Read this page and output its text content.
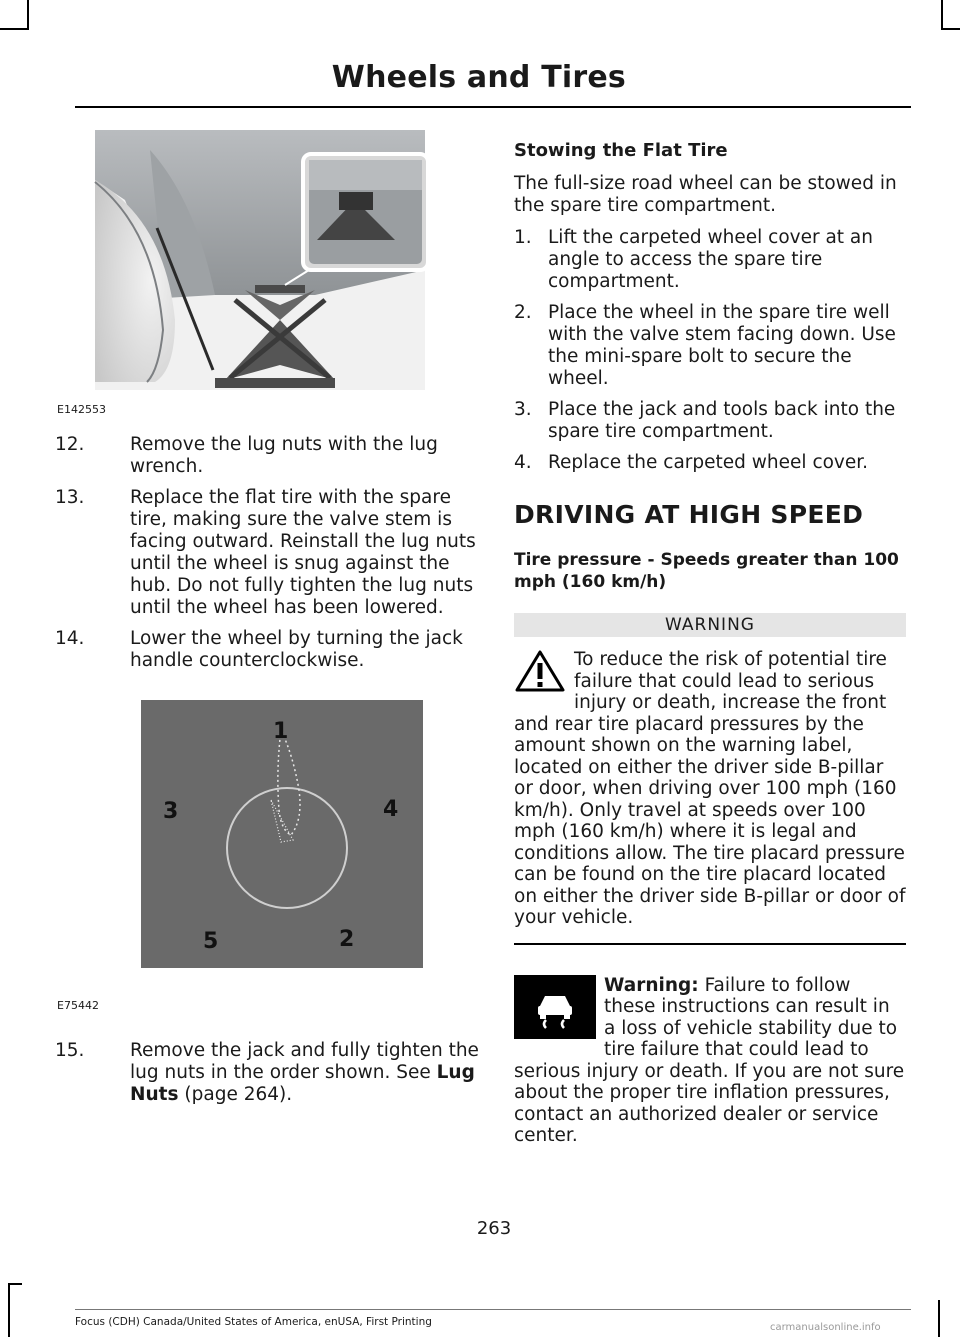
Wheels and Tires
E142553
12. Remove the lug nuts with the lug wrench.
13. Replace the flat tire with the spare tire, making sure the valve stem is facing outward. Reinstall the lug nuts until the wheel is snug against the hub. Do not fully tighten the lug nuts until the wheel has been lowered.
14. Lower the wheel by turning the jack handle counterclockwise.
1
2
3	4
5
E75442
15. Remove the jack and fully tighten the lug nuts in the order shown. See Lug Nuts (page 264).
Stowing the Flat Tire

The full-size road wheel can be stowed in the spare tire compartment.

1. Lift the carpeted wheel cover at an angle to access the spare tire compartment.
2. Place the wheel in the spare tire well with the valve stem facing down. Use the mini-spare bolt to secure the wheel.
3. Place the jack and tools back into the spare tire compartment.
4. Replace the carpeted wheel cover.
DRIVING AT HIGH SPEED
Tire pressure - Speeds greater than 100 mph (160 km/h)
WARNING
To reduce the risk of potential tire failure that could lead to serious injury or death, increase the front and rear tire placard pressures by the amount shown on the warning label, located on either the driver side B-pillar or door, when driving over 100 mph (160 km/h). Only travel at speeds over 100 mph (160 km/h) where it is legal and conditions allow. The tire placard pressure can be found on the tire placard located on either the driver side B-pillar or door of your vehicle.
Warning: Failure to follow these instructions can result in a loss of vehicle stability due to tire failure that could lead to serious injury or death. If you are not sure about the proper tire inflation pressures, contact an authorized dealer or service center.
263
Focus (CDH) Canada/United States of America, enUSA, First Printing	carmanualsonline.info
